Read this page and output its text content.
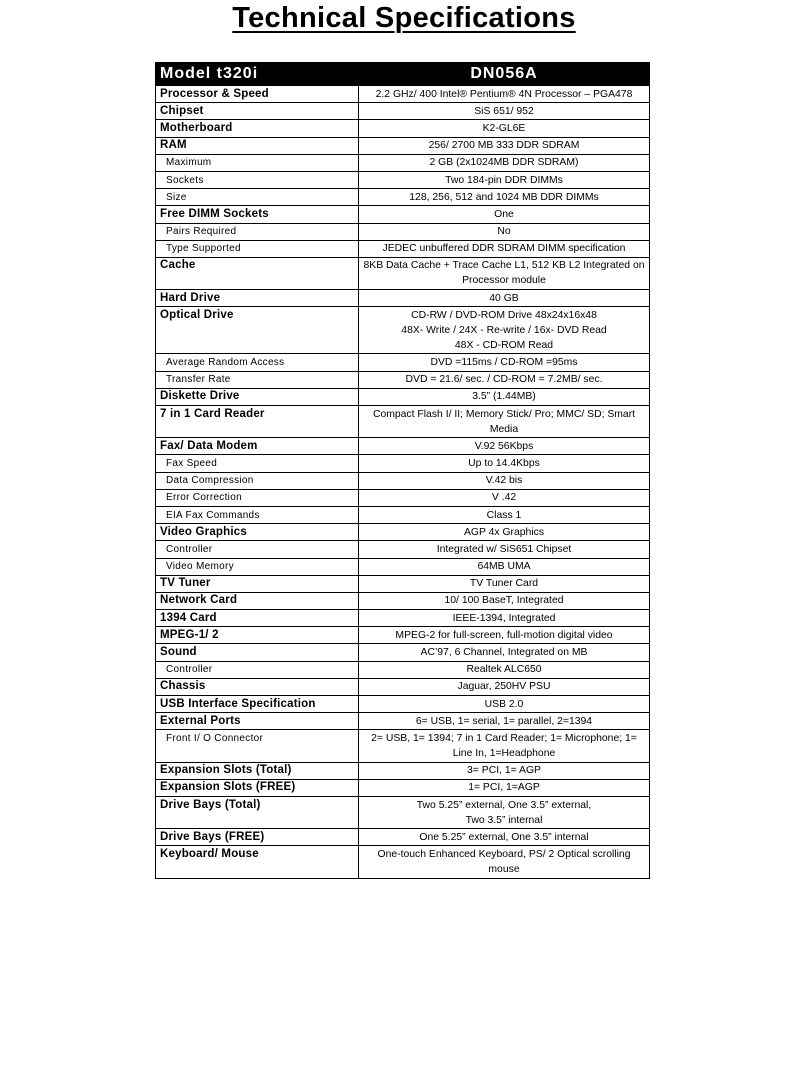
Technical Specifications
Model t320i	DN056A
Processor & Speed	2.2 GHz/ 400 Intel® Pentium® 4N Processor – PGA478
Chipset	SiS 651/ 952
Motherboard	K2-GL6E
RAM	256/ 2700 MB 333 DDR SDRAM
Maximum	2 GB (2x1024MB DDR SDRAM)
Sockets	Two 184-pin DDR DIMMs
Size	128, 256, 512 and 1024 MB DDR DIMMs
Free DIMM Sockets	One
Pairs Required	No
Type Supported	JEDEC unbuffered DDR SDRAM DIMM specification
Cache	8KB Data Cache + Trace Cache L1, 512 KB L2 Integrated on Processor module
Hard Drive	40 GB
Optical Drive	CD-RW / DVD-ROM Drive 48x24x16x48
48X- Write / 24X - Re-write / 16x- DVD Read
48X - CD-ROM Read
Average Random Access	DVD =115ms / CD-ROM =95ms
Transfer Rate	DVD = 21.6/ sec. / CD-ROM = 7.2MB/ sec.
Diskette Drive	3.5” (1.44MB)
7 in 1 Card Reader	Compact Flash I/ II; Memory Stick/ Pro; MMC/ SD; Smart Media
Fax/ Data Modem	V.92 56Kbps
Fax Speed	Up to 14.4Kbps
Data Compression	V.42 bis
Error Correction	V .42
EIA Fax Commands	Class 1
Video Graphics	AGP 4x Graphics
Controller	Integrated w/ SiS651 Chipset
Video Memory	64MB UMA
TV Tuner	TV Tuner Card
Network Card	10/ 100 BaseT, Integrated
1394 Card	IEEE-1394, Integrated
MPEG-1/ 2	MPEG-2 for full-screen, full-motion digital video
Sound	AC’97, 6 Channel, Integrated on MB
Controller	Realtek ALC650
Chassis	Jaguar, 250HV PSU
USB Interface Specification	USB 2.0
External Ports	6= USB, 1= serial, 1= parallel, 2=1394
Front I/ O Connector	2= USB, 1= 1394; 7 in 1 Card Reader; 1= Microphone; 1= Line In, 1=Headphone
Expansion Slots (Total)	3= PCI, 1= AGP
Expansion Slots (FREE)	1= PCI, 1=AGP
Drive Bays (Total)	Two 5.25” external, One 3.5” external,
Two 3.5” internal
Drive Bays (FREE)	One 5.25” external, One 3.5” internal
Keyboard/ Mouse	One-touch Enhanced Keyboard, PS/ 2 Optical scrolling mouse
